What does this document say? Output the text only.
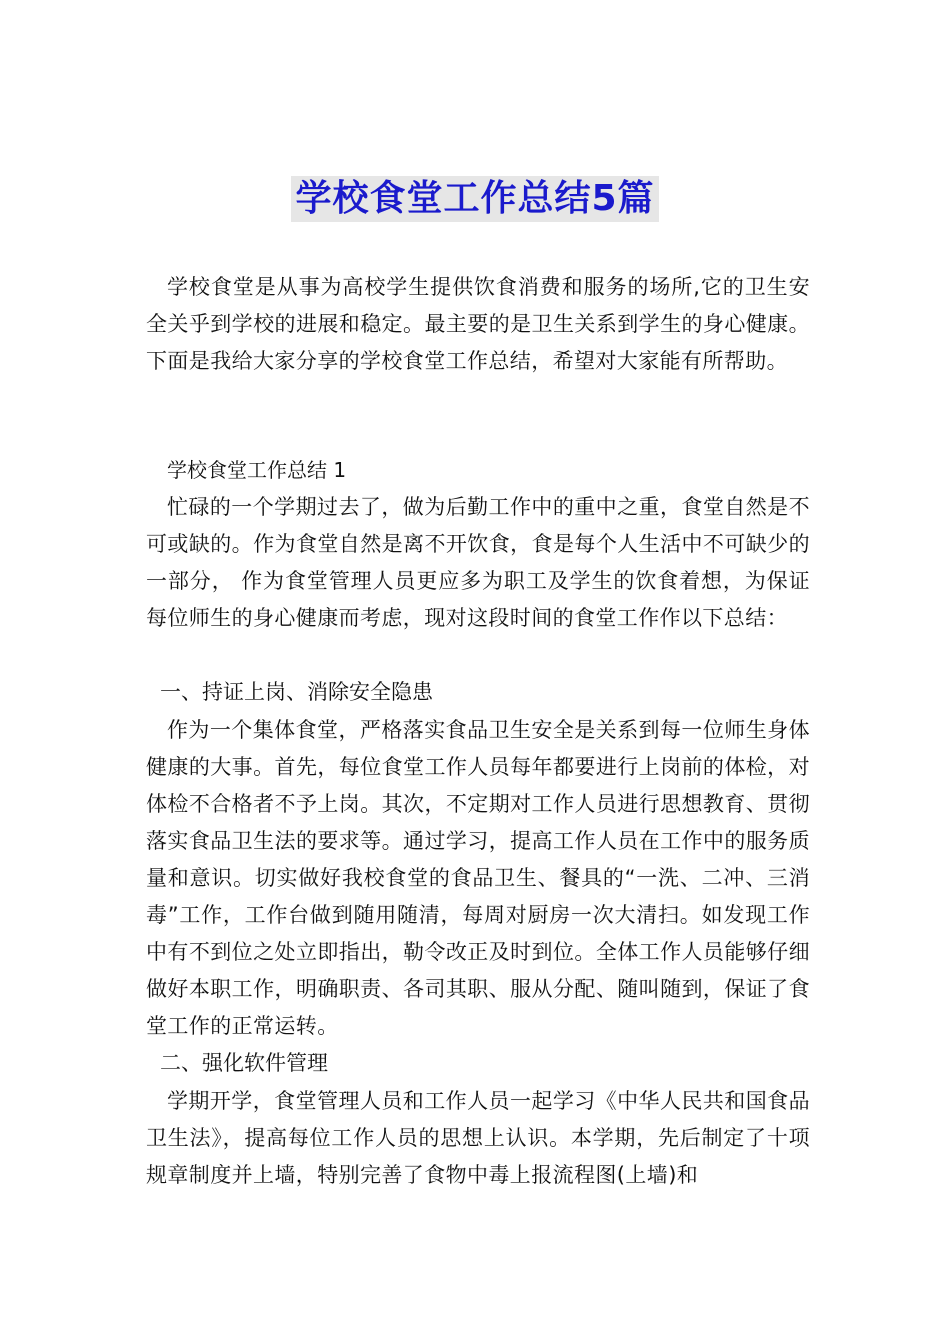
学校食堂工作总结5篇
学校食堂是从事为高校学生提供饮食消费和服务的场所,它的卫生安全关乎到学校的进展和稳定。最主要的是卫生关系到学生的身心健康。下面是我给大家分享的学校食堂工作总结，希望对大家能有所帮助。
学校食堂工作总结 1
忙碌的一个学期过去了，做为后勤工作中的重中之重，食堂自然是不可或缺的。作为食堂自然是离不开饮食，食是每个人生活中不可缺少的一部分， 作为食堂管理人员更应多为职工及学生的饮食着想，为保证每位师生的身心健康而考虑，现对这段时间的食堂工作作以下总结：
一、持证上岗、消除安全隐患
作为一个集体食堂，严格落实食品卫生安全是关系到每一位师生身体健康的大事。首先，每位食堂工作人员每年都要进行上岗前的体检，对体检不合格者不予上岗。其次，不定期对工作人员进行思想教育、贯彻落实食品卫生法的要求等。通过学习，提高工作人员在工作中的服务质量和意识。切实做好我校食堂的食品卫生、餐具的“一洗、二冲、三消毒”工作，工作台做到随用随清，每周对厨房一次大清扫。如发现工作中有不到位之处立即指出，勒令改正及时到位。全体工作人员能够仔细做好本职工作，明确职责、各司其职、服从分配、随叫随到，保证了食堂工作的正常运转。
二、强化软件管理
学期开学，食堂管理人员和工作人员一起学习《中华人民共和国食品卫生法》，提高每位工作人员的思想上认识。本学期，先后制定了十项规章制度并上墙，特别完善了食物中毒上报流程图(上墙)和
